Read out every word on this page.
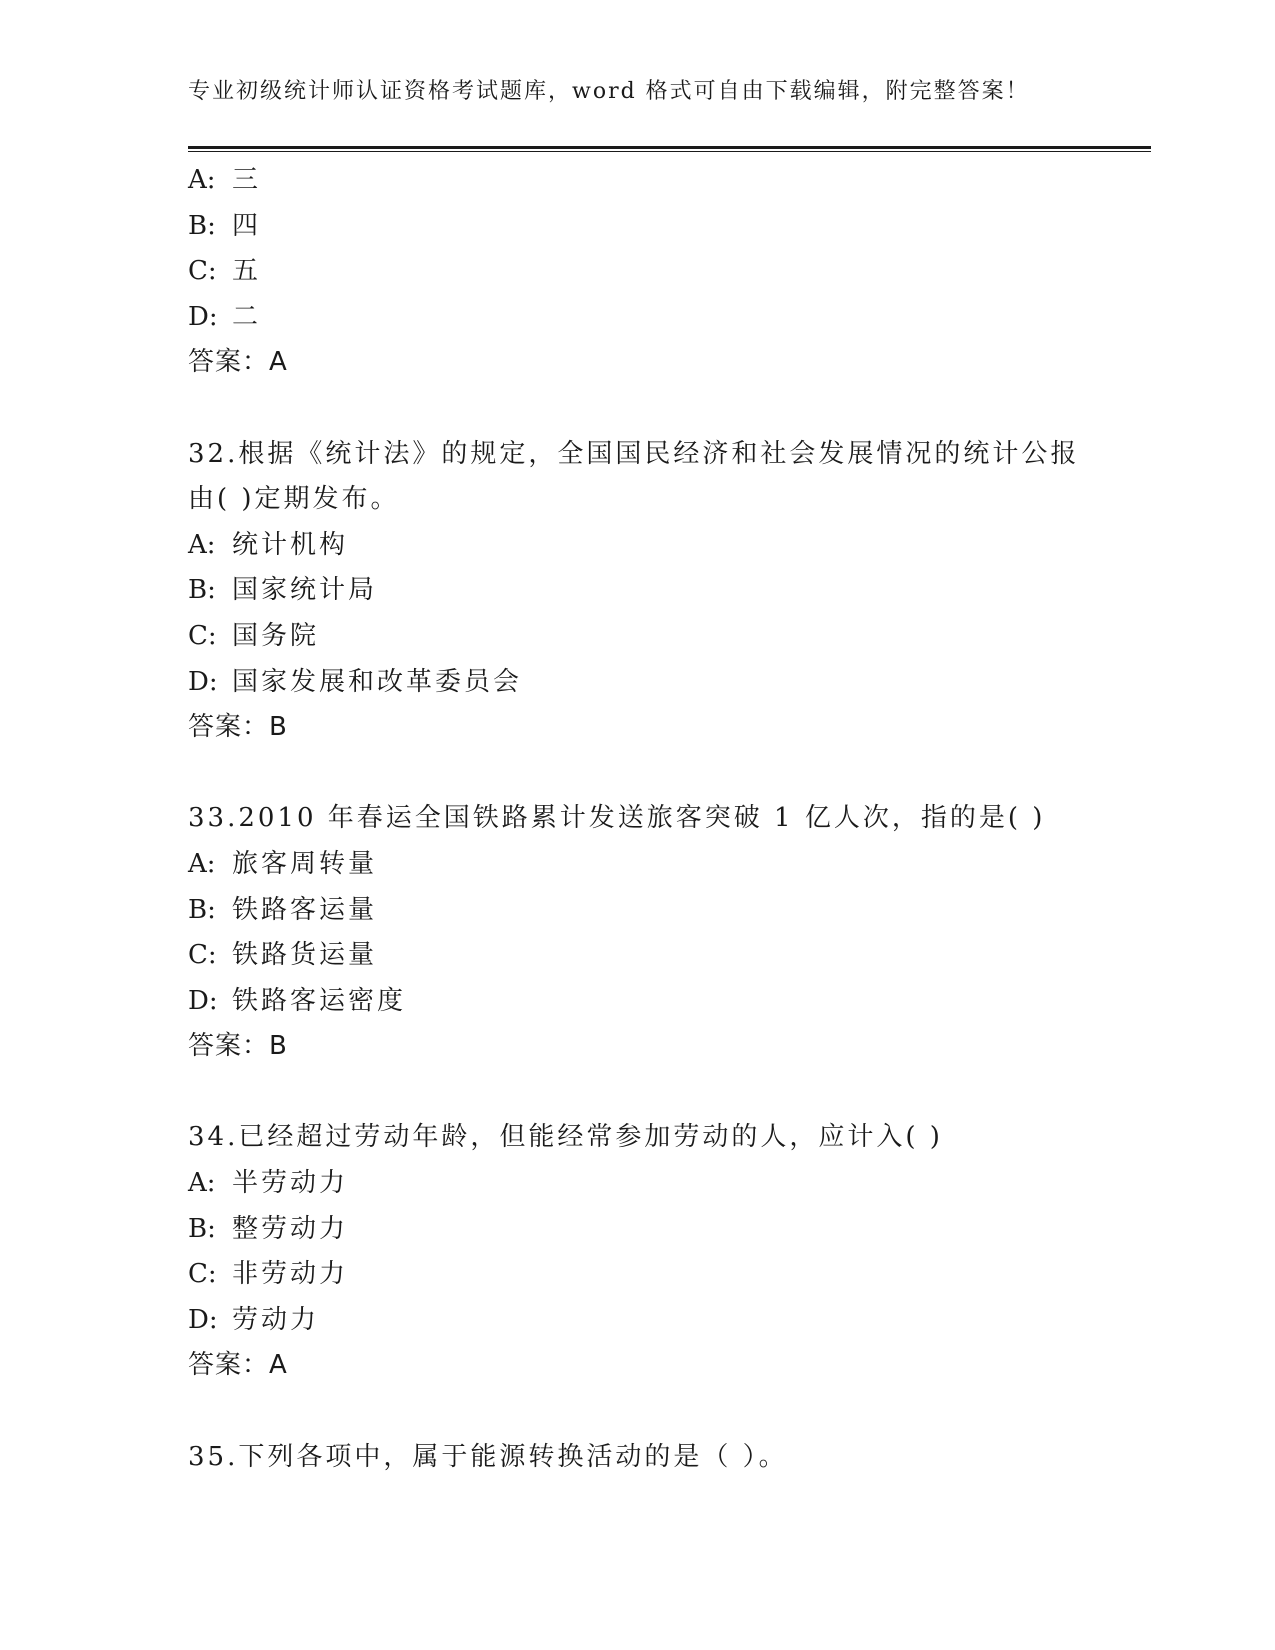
专业初级统计师认证资格考试题库，word 格式可自由下载编辑，附完整答案！
A: 三
B: 四
C: 五
D: 二
答案：A
32.根据《统计法》的规定，全国国民经济和社会发展情况的统计公报
由( )定期发布。
A: 统计机构
B: 国家统计局
C: 国务院
D: 国家发展和改革委员会
答案：B
33.2010 年春运全国铁路累计发送旅客突破 1 亿人次，指的是( )
A: 旅客周转量
B: 铁路客运量
C: 铁路货运量
D: 铁路客运密度
答案：B
34.已经超过劳动年龄，但能经常参加劳动的人，应计入( )
A: 半劳动力
B: 整劳动力
C: 非劳动力
D: 劳动力
答案：A
35.下列各项中，属于能源转换活动的是（ ）。
